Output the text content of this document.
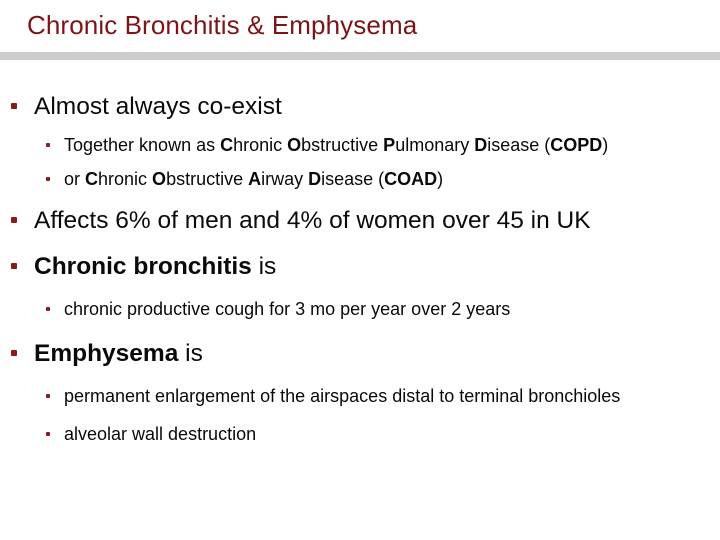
Chronic Bronchitis & Emphysema
Almost always co-exist
Together known as Chronic Obstructive Pulmonary Disease (COPD)
or Chronic Obstructive Airway Disease (COAD)
Affects 6% of men and 4% of women over 45 in UK
Chronic bronchitis is
chronic productive cough for 3 mo per year over 2 years
Emphysema is
permanent enlargement of the airspaces distal to terminal bronchioles
alveolar wall destruction
